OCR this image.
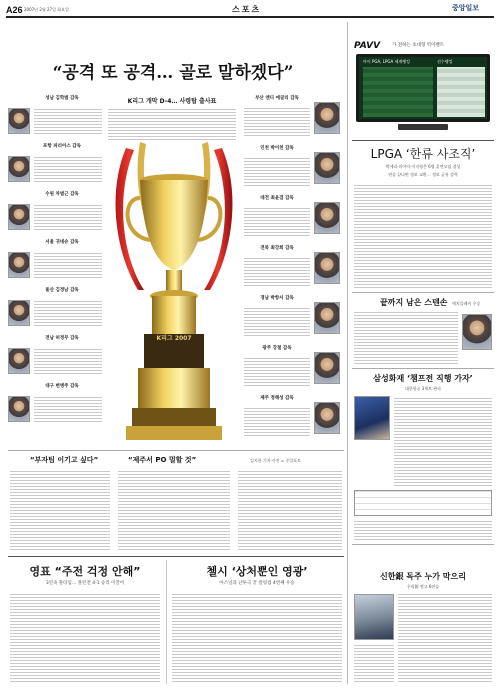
A26 2007년 2월 27일 화요일	스포츠	중앙일보
“공격 또 공격… 골로 말하겠다”
성남 김학범 감독
포항 파리아스 감독
수원 차범근 감독
서울 귀네슈 감독
울산 김정남 감독
전남 허정무 감독
대구 변병주 감독
K리그 개막 D-4… 사령탑 출사표
K리그 2007
부산 앤디 에글리 감독
인천 박이천 감독
대전 최윤겸 감독
전북 최강희 감독
경남 박항서 감독
광주 강철 감독
제주 정해성 감독
“부자팀 이기고 싶다”	“제주서 PO 멀할 것”	김지한 기자·사진 = 중앙포토
영표 “주전 걱정 안해”
3연속 풀타임… 볼턴전 4-1 승리 이끌어
첼시 ‘상처뿐인 영광’
아스널과 난투극 끝 칼링컵 4번째 우승
PAVV	가 전하는 초대형 빅이벤트
마이 PGA, LPGA 세계랭킹	선수랭킹
LPGA ‘한류 사조직’
박세리·미야자·이지영은 6명 훈련모임 결성
연습 끝나면 정보 교환… 정보 공유 강력
끝까지 남은 스텐손 매치플레이 우승
삼성화재 ‘챔프전 직행 가자’
대한항공 3세트 완파
신한銀 독주 누가 막으리
우리銀 꺾고 6연승
